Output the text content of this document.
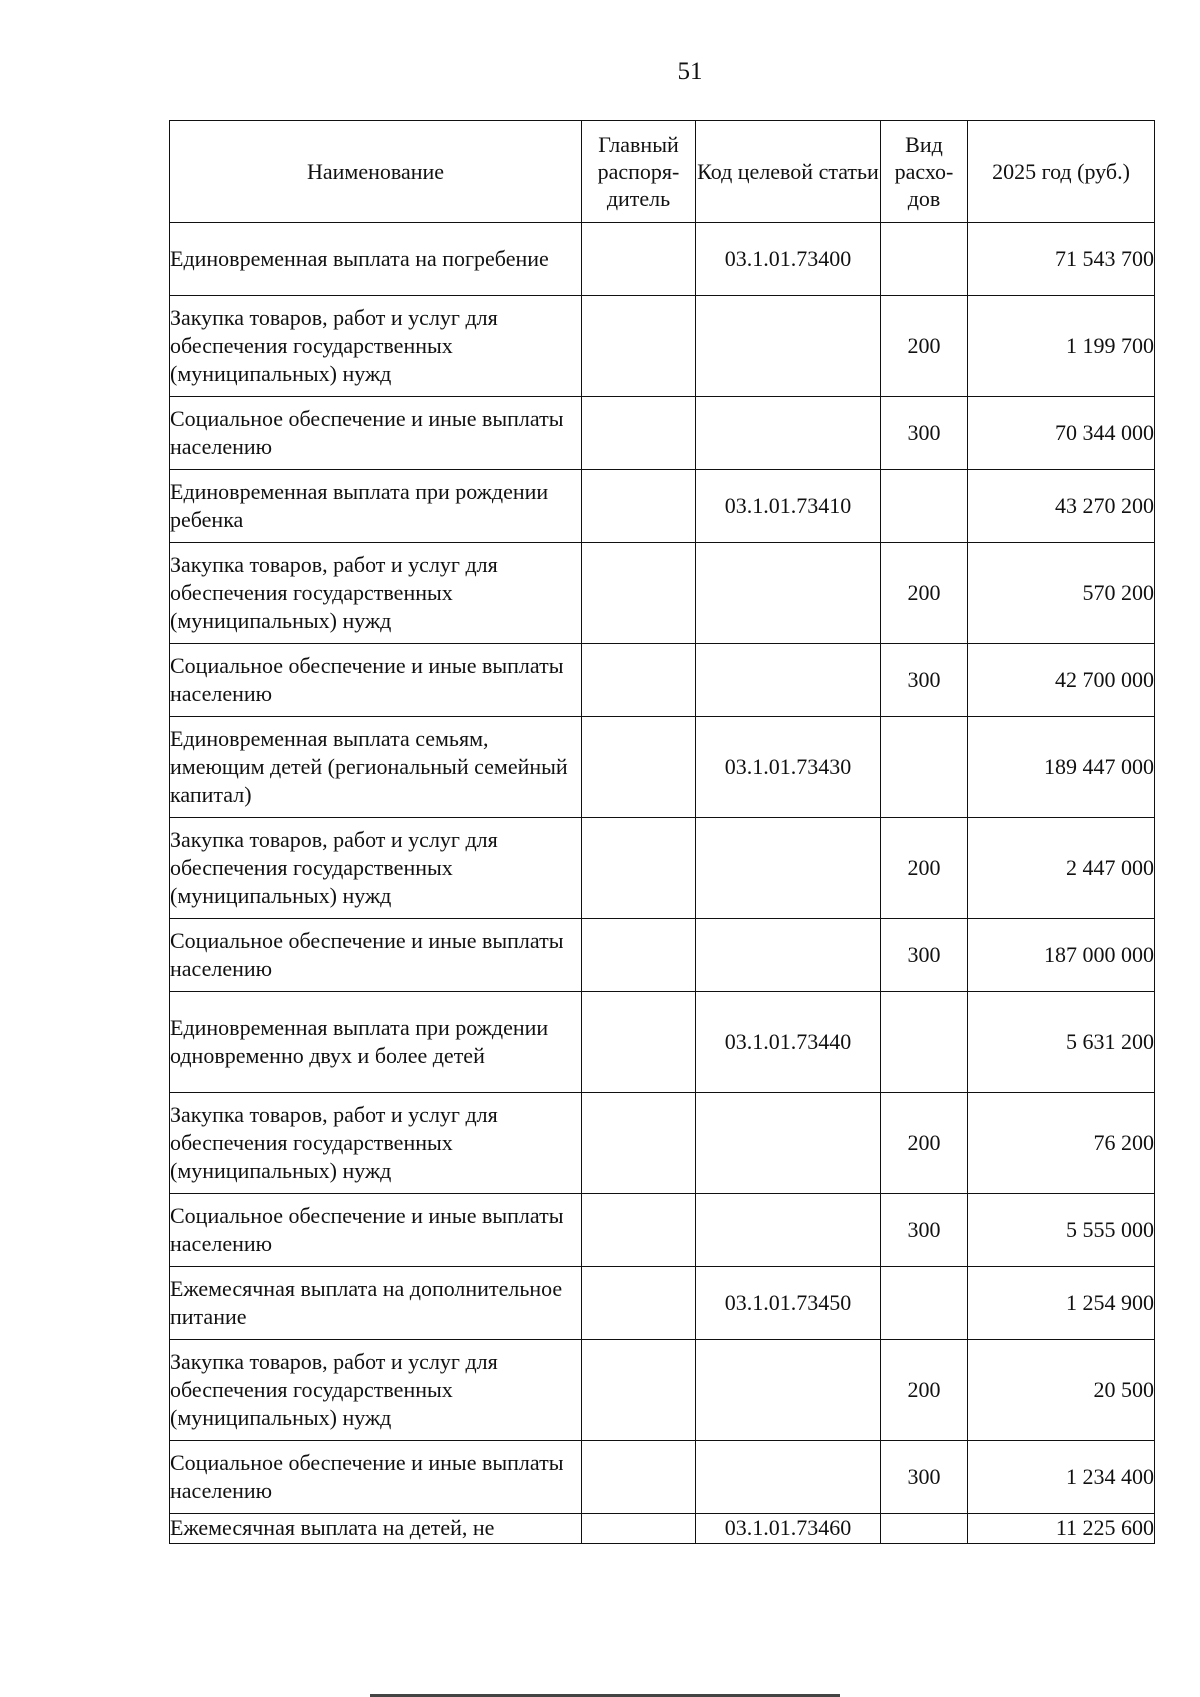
51
Наименование	Главный распоря-дитель	Код целевой статьи	Вид расхо-дов	2025 год (руб.)
Единовременная выплата на погребение		03.1.01.73400		71 543 700
Закупка товаров, работ и услуг для обеспечения государственных (муниципальных) нужд			200	1 199 700
Социальное обеспечение и иные выплаты населению			300	70 344 000
Единовременная выплата при рождении ребенка		03.1.01.73410		43 270 200
Закупка товаров, работ и услуг для обеспечения государственных (муниципальных) нужд			200	570 200
Социальное обеспечение и иные выплаты населению			300	42 700 000
Единовременная выплата семьям, имеющим детей (региональный семейный капитал)		03.1.01.73430		189 447 000
Закупка товаров, работ и услуг для обеспечения государственных (муниципальных) нужд			200	2 447 000
Социальное обеспечение и иные выплаты населению			300	187 000 000
Единовременная выплата при рождении одновременно двух и более детей		03.1.01.73440		5 631 200
Закупка товаров, работ и услуг для обеспечения государственных (муниципальных) нужд			200	76 200
Социальное обеспечение и иные выплаты населению			300	5 555 000
Ежемесячная выплата на дополнительное питание		03.1.01.73450		1 254 900
Закупка товаров, работ и услуг для обеспечения государственных (муниципальных) нужд			200	20 500
Социальное обеспечение и иные выплаты населению			300	1 234 400
Ежемесячная выплата на детей, не		03.1.01.73460		11 225 600
